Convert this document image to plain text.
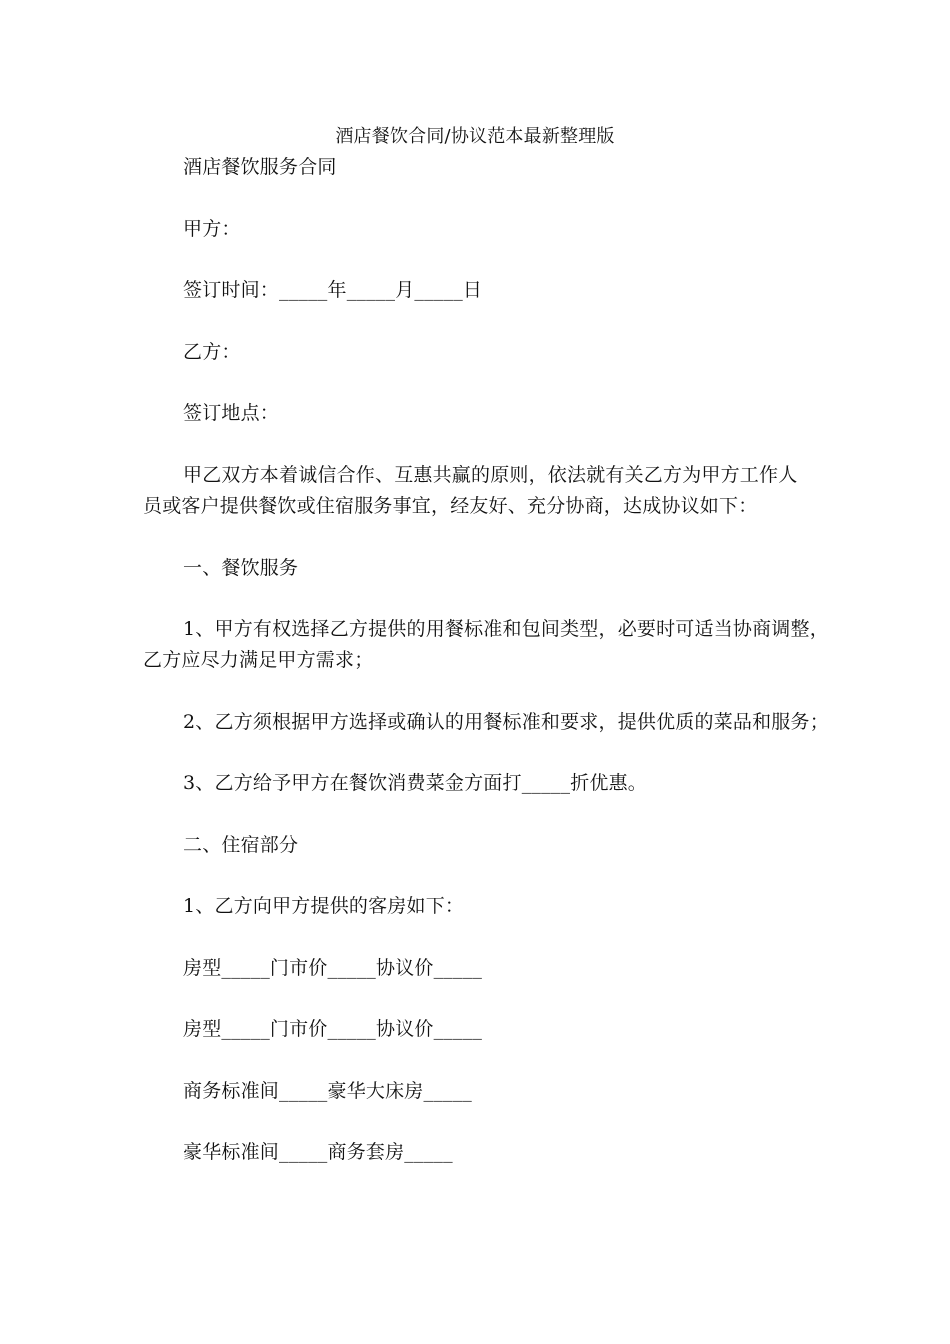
酒店餐饮合同/协议范本最新整理版
酒店餐饮服务合同
甲方：
签订时间：_____年_____月_____日
乙方：
签订地点：
甲乙双方本着诚信合作、互惠共赢的原则，依法就有关乙方为甲方工作人
员或客户提供餐饮或住宿服务事宜，经友好、充分协商，达成协议如下：
一、餐饮服务
1、甲方有权选择乙方提供的用餐标准和包间类型，必要时可适当协商调整，
乙方应尽力满足甲方需求；
2、乙方须根据甲方选择或确认的用餐标准和要求，提供优质的菜品和服务；
3、乙方给予甲方在餐饮消费菜金方面打_____折优惠。
二、住宿部分
1、乙方向甲方提供的客房如下：
房型_____门市价_____协议价_____
房型_____门市价_____协议价_____
商务标准间_____豪华大床房_____
豪华标准间_____商务套房_____
